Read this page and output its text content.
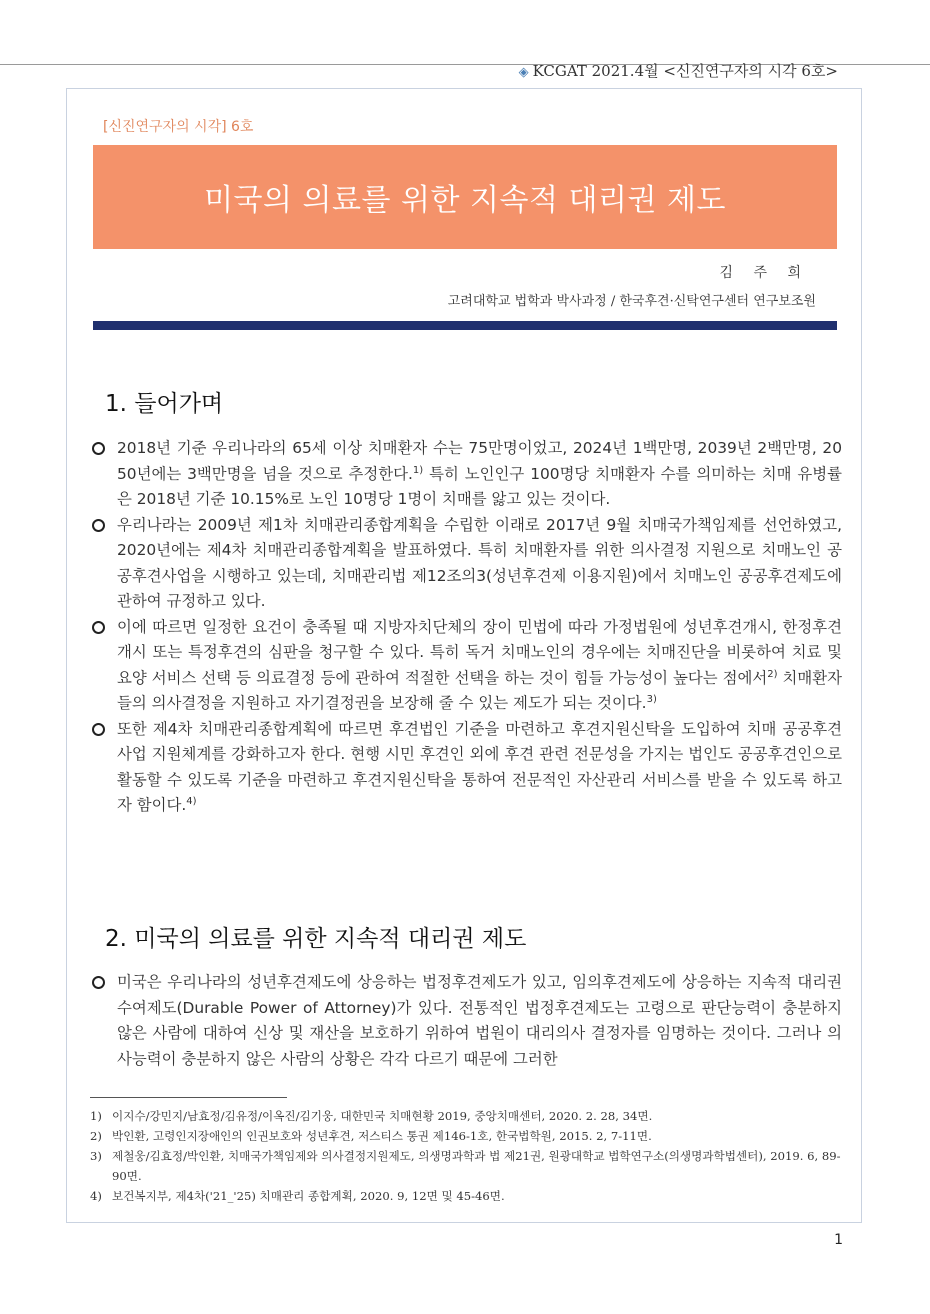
◈ KCGAT 2021.4월 <신진연구자의 시각 6호>
[신진연구자의 시각] 6호
미국의 의료를 위한 지속적 대리권 제도
김 주 희
고려대학교 법학과 박사과정 / 한국후견·신탁연구센터 연구보조원
1. 들어가며
2018년 기준 우리나라의 65세 이상 치매환자 수는 75만명이었고, 2024년 1백만명, 2039년 2백만명, 2050년에는 3백만명을 넘을 것으로 추정한다.$^{1)}$ 특히 노인인구 100명당 치매환자 수를 의미하는 치매 유병률은 2018년 기준 10.15%로 노인 10명당 1명이 치매를 앓고 있는 것이다.
우리나라는 2009년 제1차 치매관리종합계획을 수립한 이래로 2017년 9월 치매국가책임제를 선언하였고, 2020년에는 제4차 치매관리종합계획을 발표하였다. 특히 치매환자를 위한 의사결정 지원으로 치매노인 공공후견사업을 시행하고 있는데, 치매관리법 제12조의3(성년후견제 이용지원)에서 치매노인 공공후견제도에 관하여 규정하고 있다.
이에 따르면 일정한 요건이 충족될 때 지방자치단체의 장이 민법에 따라 가정법원에 성년후견개시, 한정후견개시 또는 특정후견의 심판을 청구할 수 있다. 특히 독거 치매노인의 경우에는 치매진단을 비롯하여 치료 및 요양 서비스 선택 등 의료결정 등에 관하여 적절한 선택을 하는 것이 힘들 가능성이 높다는 점에서$^{2)}$ 치매환자들의 의사결정을 지원하고 자기결정권을 보장해 줄 수 있는 제도가 되는 것이다.$^{3)}$
또한 제4차 치매관리종합계획에 따르면 후견법인 기준을 마련하고 후견지원신탁을 도입하여 치매 공공후견사업 지원체계를 강화하고자 한다. 현행 시민 후견인 외에 후견 관련 전문성을 가지는 법인도 공공후견인으로 활동할 수 있도록 기준을 마련하고 후견지원신탁을 통하여 전문적인 자산관리 서비스를 받을 수 있도록 하고자 함이다.$^{4)}$
2. 미국의 의료를 위한 지속적 대리권 제도
미국은 우리나라의 성년후견제도에 상응하는 법정후견제도가 있고, 임의후견제도에 상응하는 지속적 대리권 수여제도(Durable Power of Attorney)가 있다. 전통적인 법정후견제도는 고령으로 판단능력이 충분하지 않은 사람에 대하여 신상 및 재산을 보호하기 위하여 법원이 대리의사 결정자를 임명하는 것이다. 그러나 의사능력이 충분하지 않은 사람의 상황은 각각 다르기 때문에 그러한
1) 이지수/강민지/남효정/김유정/이옥진/김기웅, 대한민국 치매현황 2019, 중앙치매센터, 2020. 2. 28, 34면.
2) 박인환, 고령인지장애인의 인권보호와 성년후견, 저스티스 통권 제146-1호, 한국법학원, 2015. 2, 7-11면.
3) 제철웅/김효정/박인환, 치매국가책임제와 의사결정지원제도, 의생명과학과 법 제21권, 원광대학교 법학연구소(의생명과학법센터), 2019. 6, 89-90면.
4) 보건복지부, 제4차('21_'25) 치매관리 종합계획, 2020. 9, 12면 및 45-46면.
1
